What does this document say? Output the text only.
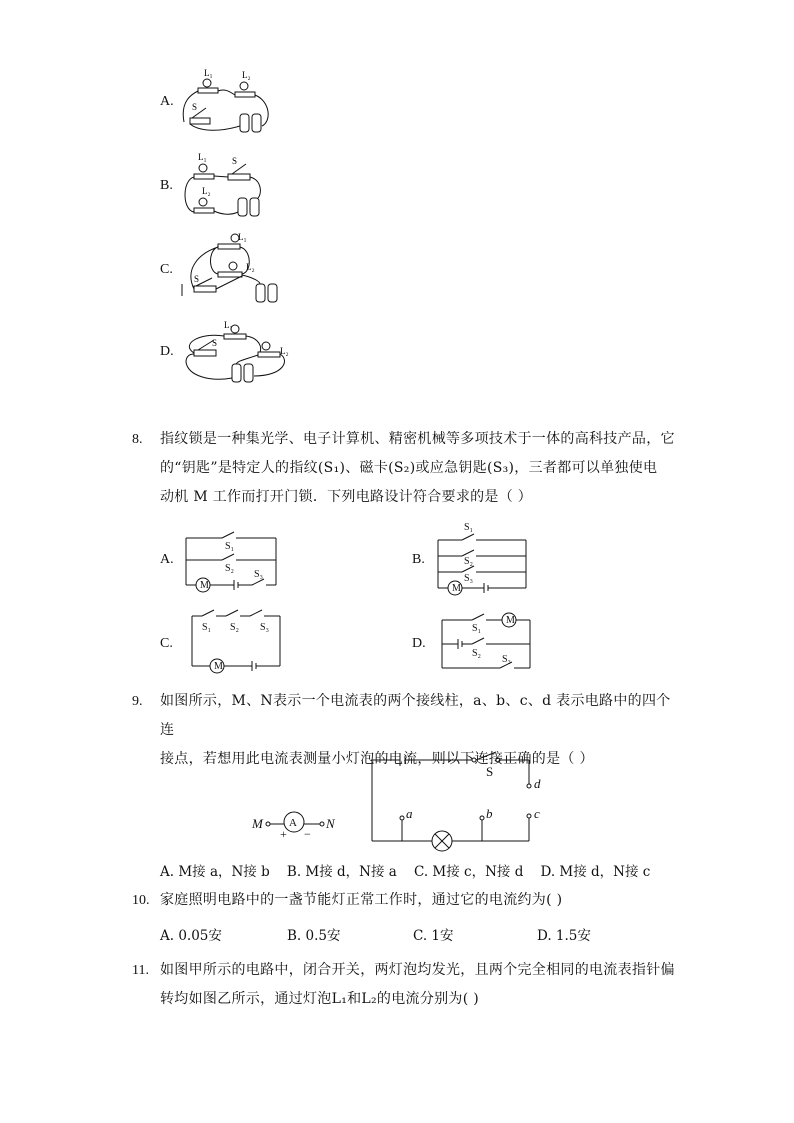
A.
L₁	L₂
S
B.
L₁	S
L₂
C.
L₁
L₂
S
D.
L₁
L₂
S
8. 指纹锁是一种集光学、电子计算机、精密机械等多项技术于一体的高科技产品，它
的“钥匙”是特定人的指纹(S₁)、磁卡(S₂)或应急钥匙(S₃)，三者都可以单独使电
动机 M 工作而打开门锁．下列电路设计符合要求的是（ ）
A.
S₁
S₂
S₃
M
B.
S₁
S₂
S₃
M
C.
S₁ S₂ S₃
M
D.
S₁
S₂
S₃
M
9. 如图所示，M、N表示一个电流表的两个接线柱，a、b、c、d 表示电路中的四个连
接点，若想用此电流表测量小灯泡的电流，则以下连接正确的是（ ）
M A N
+ −
S
d
a	b	c
A. M接 a，N接 b    B. M接 d，N接 a    C. M接 c，N接 d    D. M接 d，N接 c
10. 家庭照明电路中的一盏节能灯正常工作时，通过它的电流约为( )
A. 0.05安	B. 0.5安	C. 1安	D. 1.5安
11. 如图甲所示的电路中，闭合开关，两灯泡均发光，且两个完全相同的电流表指针偏
转均如图乙所示，通过灯泡L₁和L₂的电流分别为( )
